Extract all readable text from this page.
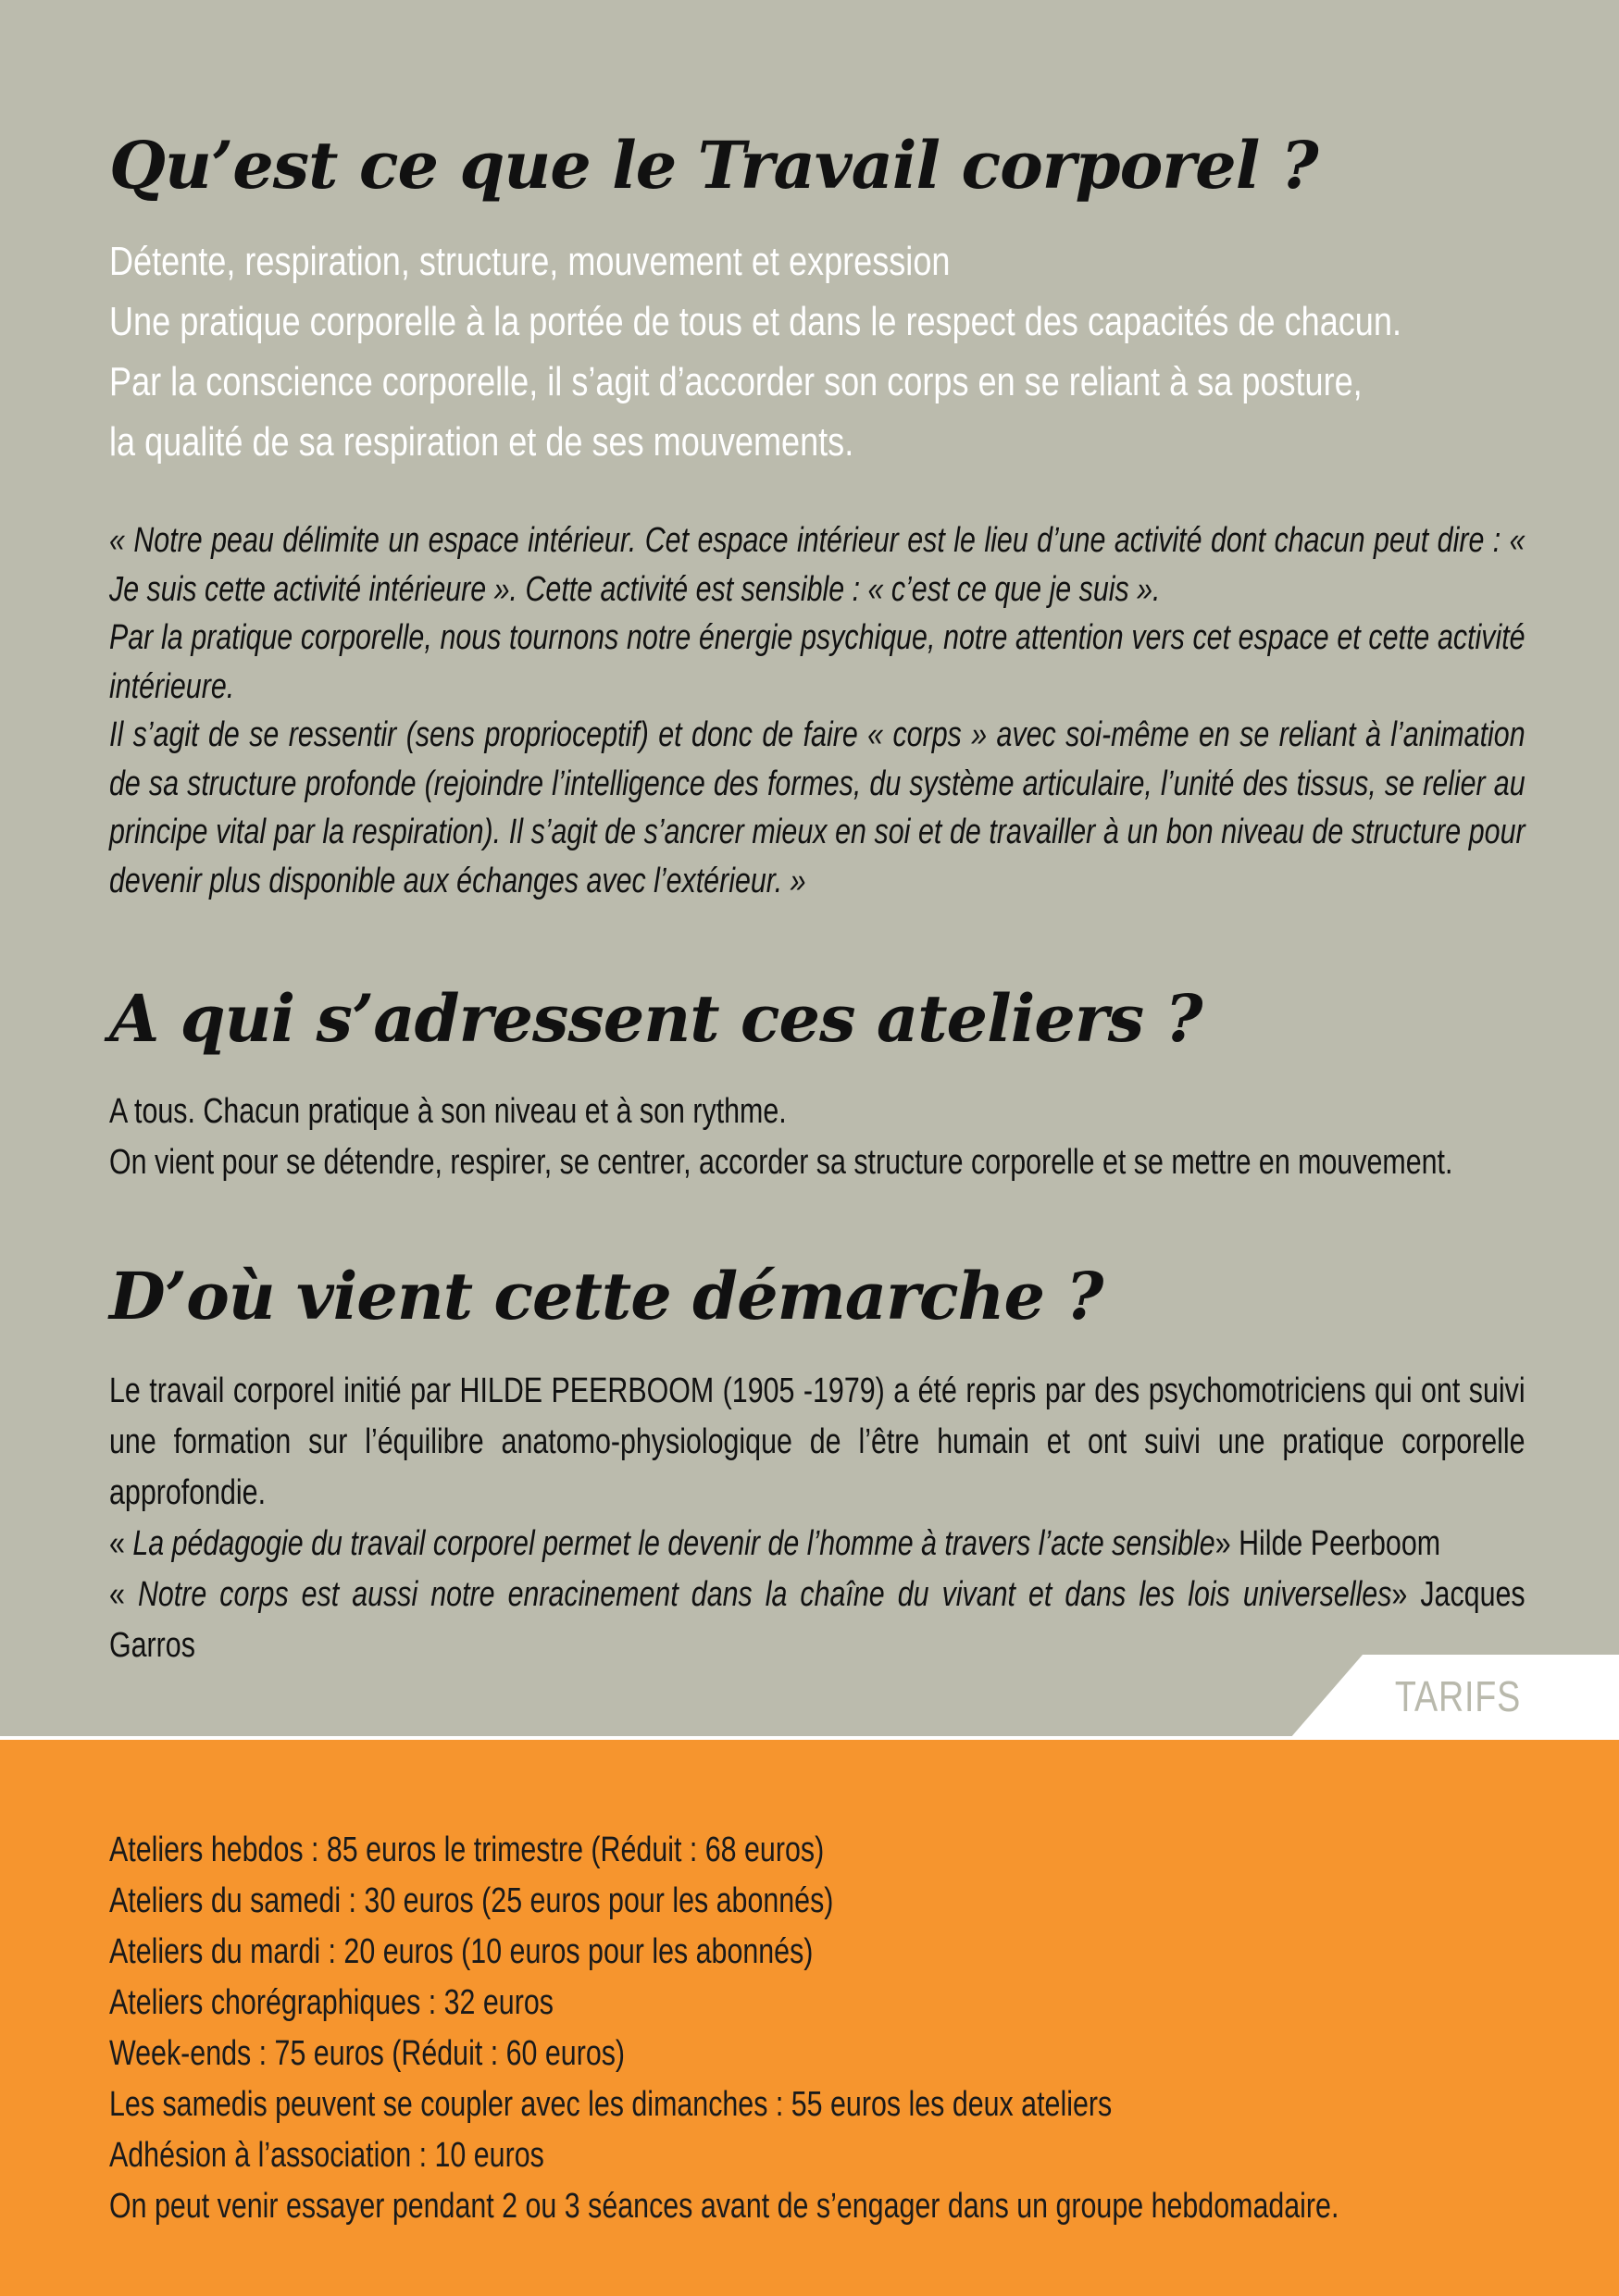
Qu’est ce que le Travail corporel ?

Détente, respiration, structure, mouvement et expression

Une pratique corporelle à la portée de tous et dans le respect des capacités de chacun.

Par la conscience corporelle, il s’agit d’accorder son corps en se reliant à sa posture,

la qualité de sa respiration et de ses mouvements.

« Notre peau délimite un espace intérieur. Cet espace intérieur est le lieu d’une activité dont chacun peut dire : « Je suis cette activité intérieure ». Cette activité est sensible : « c’est ce que je suis ».

Par la pratique corporelle, nous tournons notre énergie psychique, notre attention vers cet espace et cette activité intérieure.

Il s’agit de se ressentir (sens proprioceptif) et donc de faire « corps » avec soi-même en se reliant à l’animation de sa structure profonde (rejoindre l’intelligence des formes, du système articulaire, l’unité des tissus, se relier au principe vital par la respiration). Il s’agit de s’ancrer mieux en soi et de travailler à un bon niveau de structure pour devenir plus disponible aux échanges avec l’extérieur. »

A qui s’adressent ces ateliers ?

A tous. Chacun pratique à son niveau et à son rythme.

On vient pour se détendre, respirer, se centrer, accorder sa structure corporelle et se mettre en mouvement.

D’où vient cette démarche ?

Le travail corporel initié par HILDE PEERBOOM (1905 -1979) a été repris par des psychomotriciens qui ont suivi une formation sur l’équilibre anatomo-physiologique de l’être humain et ont suivi une pratique corporelle approfondie.

« La pédagogie du travail corporel permet le devenir de l’homme à travers l’acte sensible» Hilde Peerboom

« Notre corps est aussi notre enracinement dans la chaîne du vivant et dans les lois universelles» Jacques Garros

TARIFS
Ateliers hebdos : 85 euros le trimestre (Réduit : 68 euros)
Ateliers du samedi : 30 euros (25 euros pour les abonnés)
Ateliers du mardi : 20 euros (10 euros pour les abonnés)
Ateliers chorégraphiques : 32 euros
Week-ends : 75 euros (Réduit : 60 euros)
Les samedis peuvent se coupler avec les dimanches : 55 euros les deux ateliers
Adhésion à l’association : 10 euros
On peut venir essayer pendant 2 ou 3 séances avant de s’engager dans un groupe hebdomadaire.
